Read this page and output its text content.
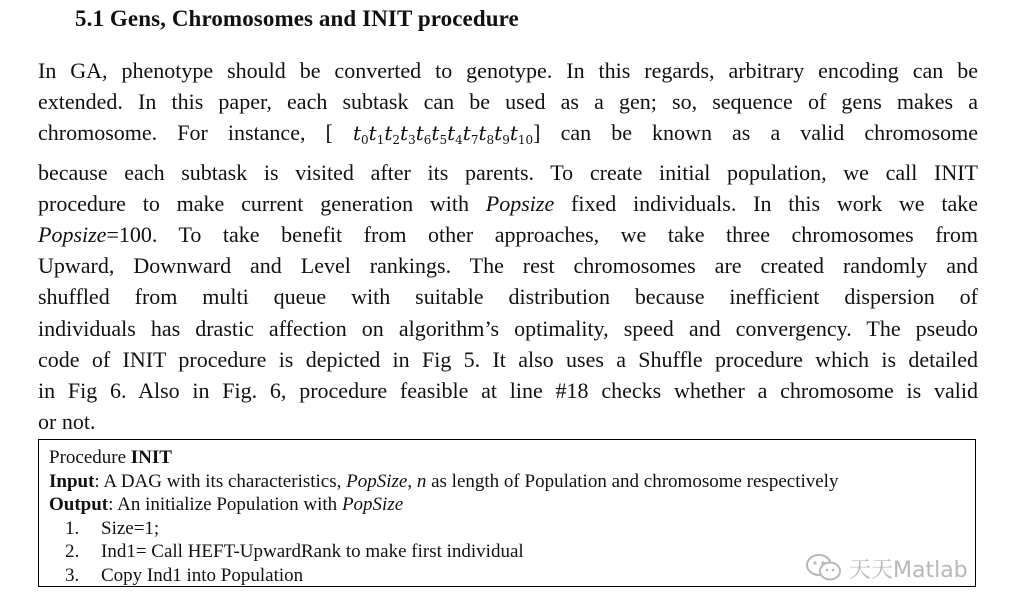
5.1 Gens, Chromosomes and INIT procedure
In GA, phenotype should be converted to genotype. In this regards, arbitrary encoding can be
extended. In this paper, each subtask can be used as a gen; so, sequence of gens makes a
chromosome. For instance, [ $t_0t_1t_2t_3t_6t_5t_4t_7t_8t_9t_{10}$] can be known as a valid chromosome
because each subtask is visited after its parents. To create initial population, we call INIT
procedure to make current generation with Popsize fixed individuals. In this work we take
Popsize=100. To take benefit from other approaches, we take three chromosomes from
Upward, Downward and Level rankings. The rest chromosomes are created randomly and
shuffled from multi queue with suitable distribution because inefficient dispersion of
individuals has drastic affection on algorithm’s optimality, speed and convergency. The pseudo
code of INIT procedure is depicted in Fig 5. It also uses a Shuffle procedure which is detailed
in Fig 6. Also in Fig. 6, procedure feasible at line #18 checks whether a chromosome is valid
or not.
Procedure INIT
Input: A DAG with its characteristics, PopSize, n as length of Population and chromosome respectively
Output: An initialize Population with PopSize
1. Size=1;
2. Ind1= Call HEFT-UpwardRank to make first individual
3. Copy Ind1 into Population	天天Matlab
